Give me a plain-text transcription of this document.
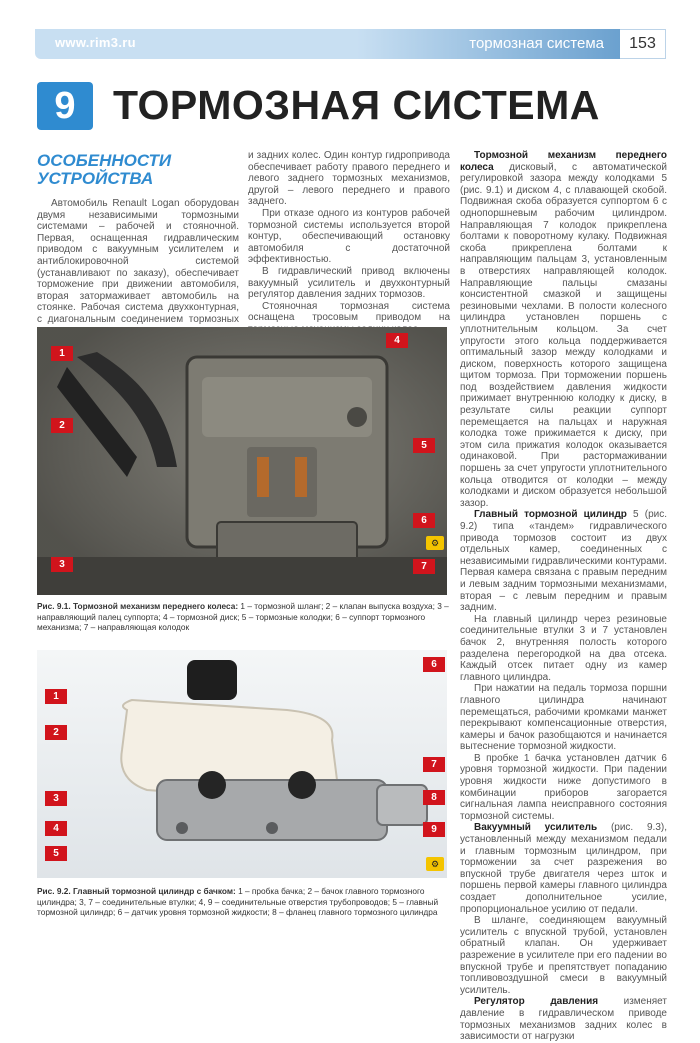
www.rim3.ru	тормозная система	153
9 ТОРМОЗНАЯ СИСТЕМА
ОСОБЕННОСТИ
УСТРОЙСТВА

Автомобиль Renault Logan оборудован двумя независимыми тормозными системами – рабочей и стояночной. Первая, оснащенная гидравлическим приводом с вакуумным усилителем и антиблокировочной системой (устанавливают по заказу), обеспечивает торможение при движении автомобиля, вторая затормаживает автомобиль на стоянке. Рабочая система двухконтурная, с диагональным соединением тормозных

и задних колес. Один контур гидропривода обеспечивает работу правого переднего и левого заднего тормозных механизмов, другой – левого переднего и правого заднего.

При отказе одного из контуров рабочей тормозной системы используется второй контур, обеспечивающий остановку автомобиля с достаточной эффективностью.

В гидравлический привод включены вакуумный усилитель и двухконтурный регулятор давления задних тормозов.

Стояночная тормозная система оснащена тросовым приводом на

Тормозной механизм переднего колеса дисковый, с автоматической регулировкой зазора между колодками 5 (рис. 9.1) и диском 4, с плавающей скобой. Подвижная скоба образуется суппортом 6 с однопоршневым рабочим цилиндром. Направляющая 7 колодок прикреплена болтами к поворотному кулаку. Подвижная скоба прикреплена болтами к направляющим пальцам 3, установленным в отверстиях направляющей колодок. Направляющие пальцы смазаны консистентной смазкой и защищены резиновыми чехлами. В полости колесного цилиндра установлен поршень с уплотнительным кольцом. За счет упругости этого кольца поддерживается оптимальный зазор между колодками и диском, поверхность которого защищена щитом тормоза. При торможении поршень под воздействием давления жидкости прижимает внутреннюю колодку к диску, в результате силы реакции суппорт перемещается на пальцах и наружная колодка тоже прижимается к диску, при этом сила прижатия колодок оказывается одинаковой. При растормаживании поршень за счет упругости уплотнительного кольца отводится от колодки – между колодками и диском образуется небольшой зазор.

Главный тормозной цилиндр 5 (рис. 9.2) типа «тандем» гидравлического привода тормозов состоит из двух отдельных камер, соединенных с независимыми гидравлическими контурами. Первая камера связана с правым передним и левым задним тормозными механизмами, вторая – с левым передним и правым задним.

На главный цилиндр через резиновые соединительные втулки 3 и 7 установлен бачок 2, внутренняя полость которого разделена перегородкой на два отсека. Каждый отсек питает одну из камер главного цилиндра.

При нажатии на педаль тормоза поршни главного цилиндра начинают перемещаться, рабочими кромками манжет перекрывают компенсационные отверстия, камеры и бачок разобщаются и начинается вытеснение тормозной жидкости.

В пробке 1 бачка установлен датчик 6 уровня тормозной жидкости. При падении уровня жидкости ниже допустимого в комбинации приборов загорается сигнальная лампа неисправного состояния тормозной системы.

Вакуумный усилитель (рис. 9.3), установленный между механизмом педали и главным тормозным цилиндром, при торможении за счет разрежения во впускной трубе двигателя через шток и поршень первой камеры главного цилиндра создает дополнительное усилие, пропорциональное усилию от педали.

В шланге, соединяющем вакуумный усилитель с впускной трубой, установлен обратный клапан. Он удерживает разрежение в усилителе при его падении во впускной трубе и препятствует попаданию топливовоздушной смеси в вакуумный усилитель.

Регулятор давления изменяет давление в гидравлическом приводе тормозных механизмов задних колес в зависимости от нагрузки

1
2
3
4
5
6
7
⚙
Рис. 9.1. Тормозной механизм переднего колеса: 1 – тормозной шланг; 2 – клапан выпуска воздуха; 3 – направляющий палец суппорта; 4 – тормозной диск; 5 – тормозные колодки; 6 – суппорт тормозного механизма; 7 – направляющая колодок
1
2
3
4
5
6
7
8
9
⚙
Рис. 9.2. Главный тормозной цилиндр с бачком: 1 – пробка бачка; 2 – бачок главного тормозного цилиндра; 3, 7 – соединительные втулки; 4, 9 – соединительные отверстия трубопроводов; 5 – главный тормозной цилиндр; 6 – датчик уровня тормозной жидкости; 8 – фланец главного тормозного цилиндра
